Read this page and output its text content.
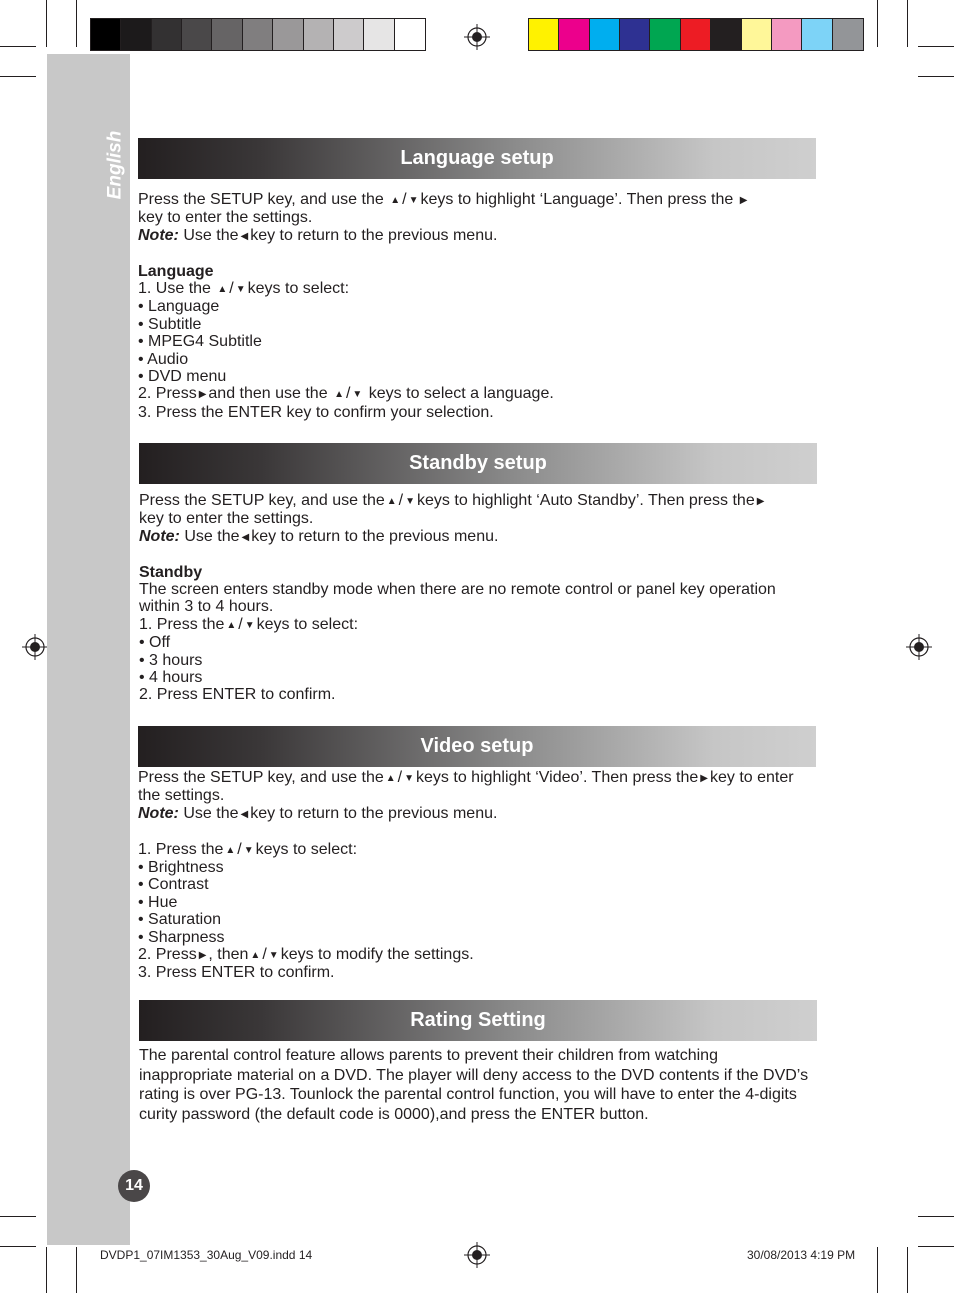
English	Language setup

Press the SETUP key, and use the ▲ / ▼ keys to highlight ‘Language’. Then press the ▶
key to enter the settings.

Note: Use the ◀ key to return to the previous menu.

Language

1. Use the ▲ / ▼ keys to select:

• Language

• Subtitle

• MPEG4 Subtitle

• Audio

• DVD menu

2. Press ▶ and then use the ▲ / ▼ keys to select a language.

3. Press the ENTER key to confirm your selection.

Standby setup

Press the SETUP key, and use the ▲ / ▼ keys to highlight ‘Auto Standby’. Then press the ▶
key to enter the settings.

Note: Use the ◀ key to return to the previous menu.

Standby

The screen enters standby mode when there are no remote control or panel key operation within 3 to 4 hours.

1. Press the ▲ / ▼ keys to select:

• Off

• 3 hours

• 4 hours

2. Press ENTER to confirm.

Video setup

Press the SETUP key, and use the ▲ / ▼ keys to highlight ‘Video’. Then press the ▶ key to enter the settings.

Note: Use the ◀ key to return to the previous menu.

1. Press the ▲ / ▼ keys to select:

• Brightness

• Contrast

• Hue

• Saturation

• Sharpness

2. Press ▶ , then ▲ / ▼ keys to modify the settings.

3. Press ENTER to confirm.

Rating Setting
The parental control feature allows parents to prevent their children from watching inappropriate material on a DVD. The player will deny access to the DVD contents if the DVD’s rating is over PG-13. Tounlock the parental control function, you will have to enter the 4-digits curity password (the default code is 0000),and press the ENTER button.
14
DVDP1_07IM1353_30Aug_V09.indd 14	30/08/2013 4:19 PM
